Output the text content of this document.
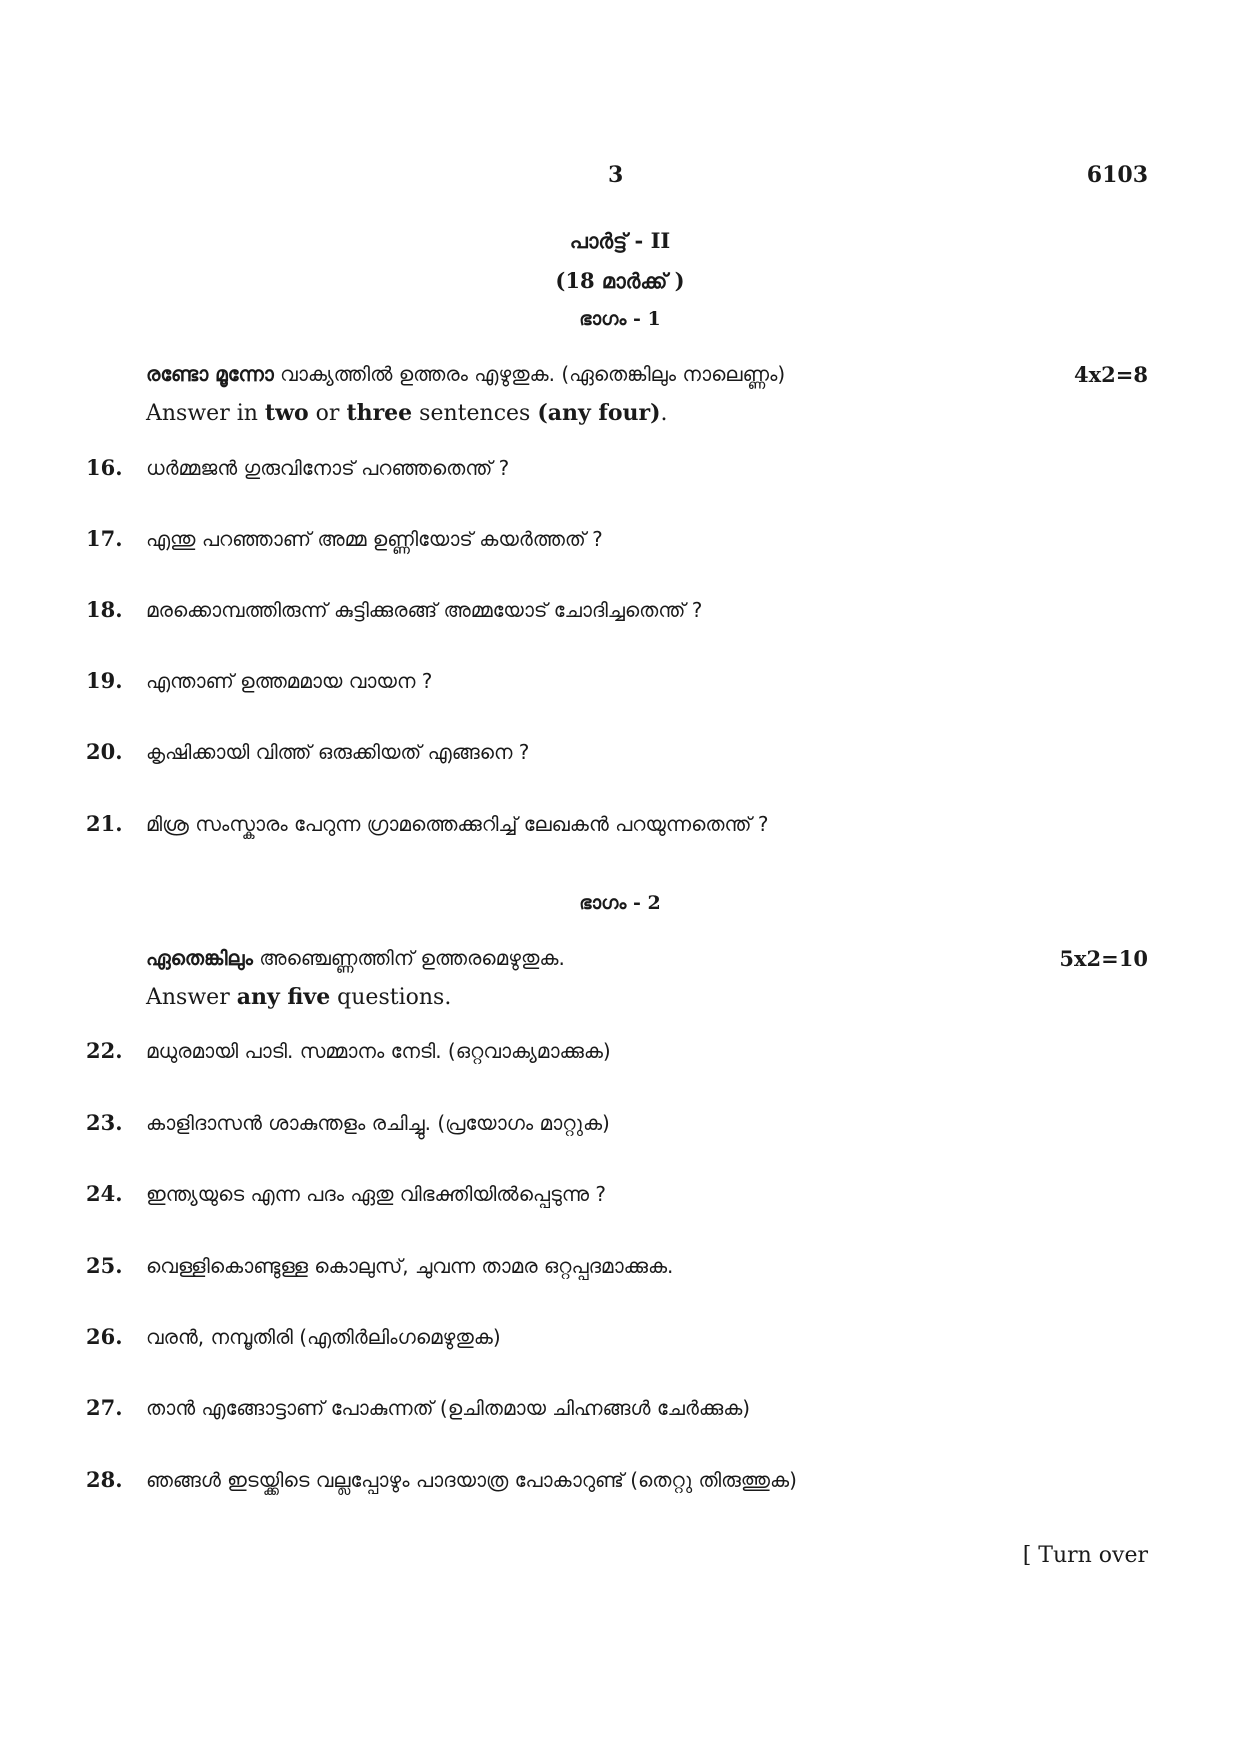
3	6103
പാർട്ട് - II
(18 മാർക്ക് )
ഭാഗം - 1
രണ്ടോ മൂന്നോ വാക്യത്തിൽ ഉത്തരം എഴുതുക. (ഏതെങ്കിലും നാലെണ്ണം)	4x2=8
Answer in two or three sentences (any four).
16. ധർമ്മജൻ ഗുരുവിനോട് പറഞ്ഞതെന്ത് ?
17. എന്തു പറഞ്ഞാണ് അമ്മ ഉണ്ണിയോട് കയർത്തത് ?
18. മരക്കൊമ്പത്തിരുന്ന് കുട്ടിക്കുരങ്ങ് അമ്മയോട് ചോദിച്ചതെന്ത് ?
19. എന്താണ് ഉത്തമമായ വായന ?
20. കൃഷിക്കായി വിത്ത് ഒരുക്കിയത് എങ്ങനെ ?
21. മിശ്ര സംസ്കാരം പേറുന്ന ഗ്രാമത്തെക്കുറിച്ച് ലേഖകൻ പറയുന്നതെന്ത് ?
ഭാഗം - 2
ഏതെങ്കിലും അഞ്ചെണ്ണത്തിന് ഉത്തരമെഴുതുക.	5x2=10
Answer any five questions.
22. മധുരമായി പാടി. സമ്മാനം നേടി. (ഒറ്റവാക്യമാക്കുക)
23. കാളിദാസൻ ശാകുന്തളം രചിച്ചു. (പ്രയോഗം മാറ്റുക)
24. ഇന്ത്യയുടെ എന്ന പദം ഏതു വിഭക്തിയിൽപ്പെടുന്നു ?
25. വെള്ളികൊണ്ടുള്ള കൊലുസ്, ചുവന്ന താമര ഒറ്റപ്പദമാക്കുക.
26. വരൻ, നമ്പൂതിരി (എതിർലിംഗമെഴുതുക)
27. താൻ എങ്ങോട്ടാണ് പോകുന്നത് (ഉചിതമായ ചിഹ്നങ്ങൾ ചേർക്കുക)
28. ഞങ്ങൾ ഇടയ്ക്കിടെ വല്ലപ്പോഴും പാദയാത്ര പോകാറുണ്ട് (തെറ്റു തിരുത്തുക)
[ Turn over
